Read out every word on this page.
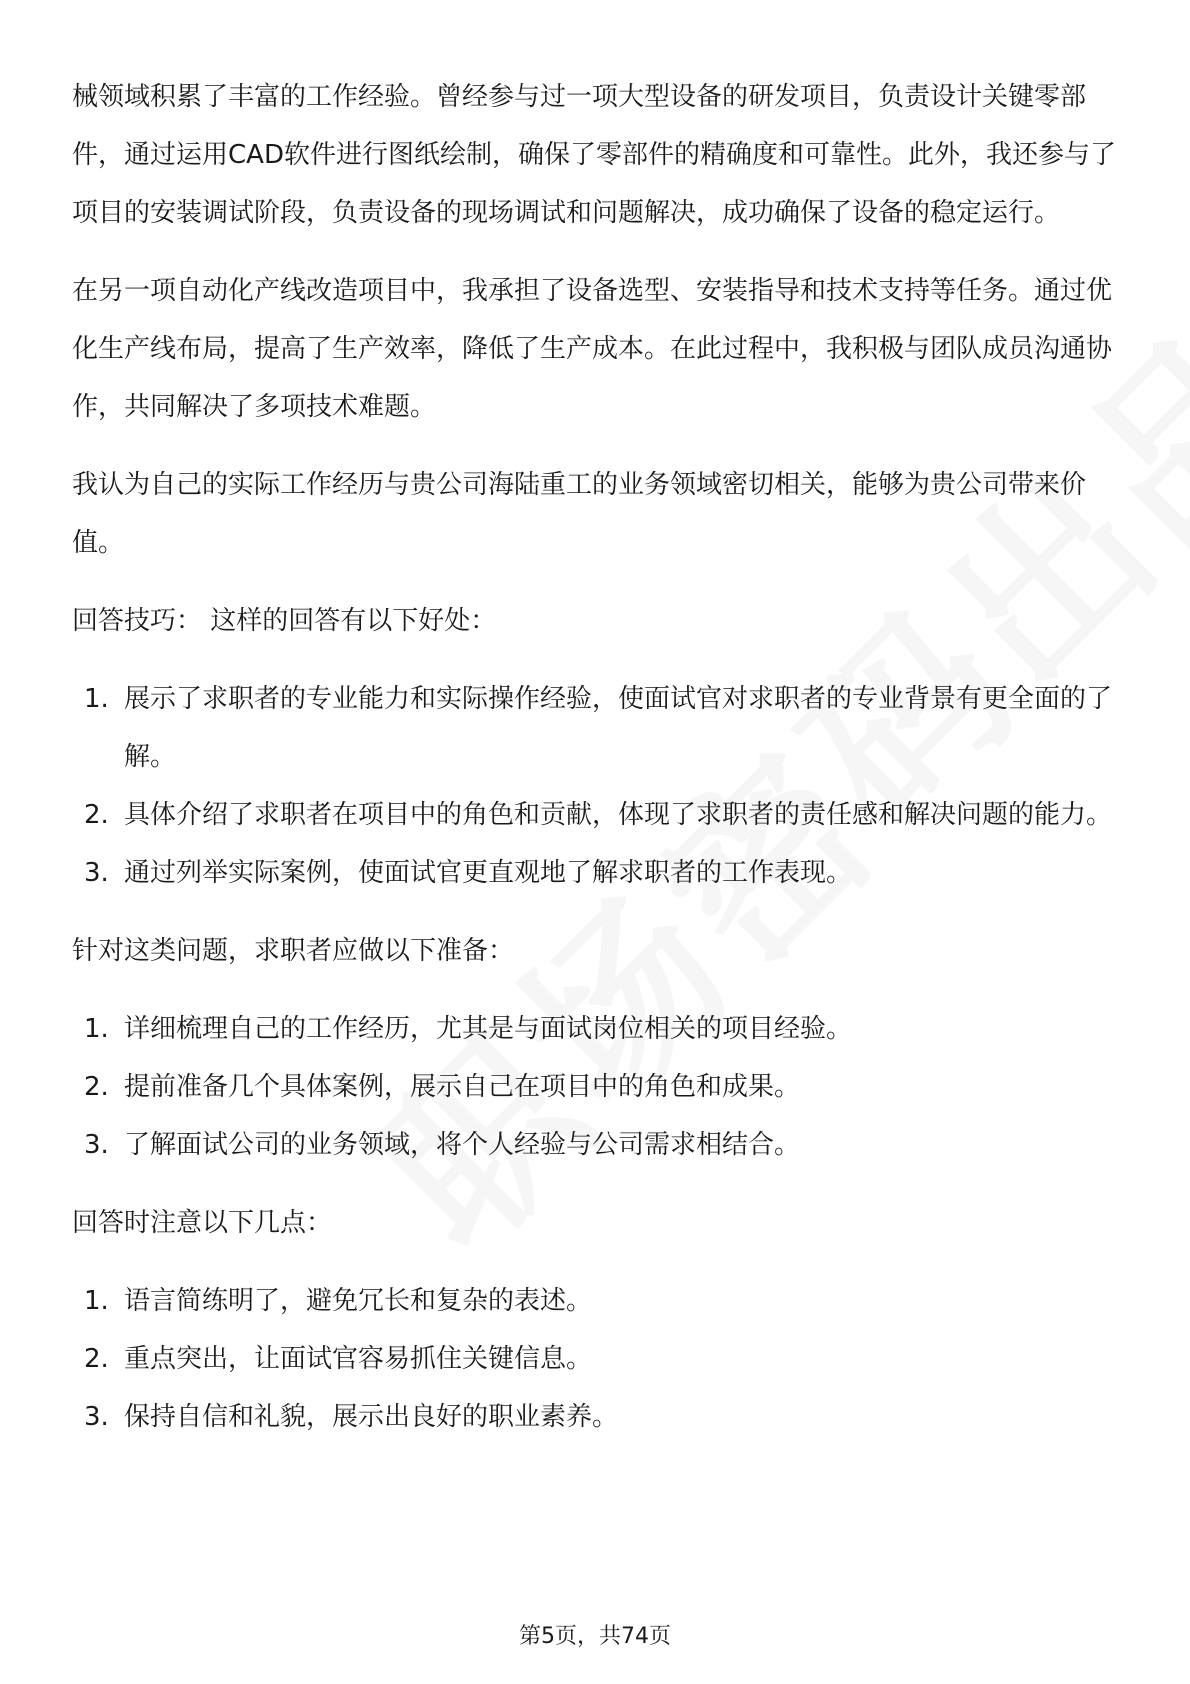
械领域积累了丰富的工作经验。曾经参与过一项大型设备的研发项目，负责设计关键零部件，通过运用CAD软件进行图纸绘制，确保了零部件的精确度和可靠性。此外，我还参与了项目的安装调试阶段，负责设备的现场调试和问题解决，成功确保了设备的稳定运行。

在另一项自动化产线改造项目中，我承担了设备选型、安装指导和技术支持等任务。通过优化生产线布局，提高了生产效率，降低了生产成本。在此过程中，我积极与团队成员沟通协作，共同解决了多项技术难题。

我认为自己的实际工作经历与贵公司海陆重工的业务领域密切相关，能够为贵公司带来价值。

回答技巧： 这样的回答有以下好处：

1. 展示了求职者的专业能力和实际操作经验，使面试官对求职者的专业背景有更全面的了解。
2. 具体介绍了求职者在项目中的角色和贡献，体现了求职者的责任感和解决问题的能力。
3. 通过列举实际案例，使面试官更直观地了解求职者的工作表现。

针对这类问题，求职者应做以下准备：

1. 详细梳理自己的工作经历，尤其是与面试岗位相关的项目经验。
2. 提前准备几个具体案例，展示自己在项目中的角色和成果。
3. 了解面试公司的业务领域，将个人经验与公司需求相结合。

回答时注意以下几点：

1. 语言简练明了，避免冗长和复杂的表述。
2. 重点突出，让面试官容易抓住关键信息。
3. 保持自信和礼貌，展示出良好的职业素养。
第5页，共74页
